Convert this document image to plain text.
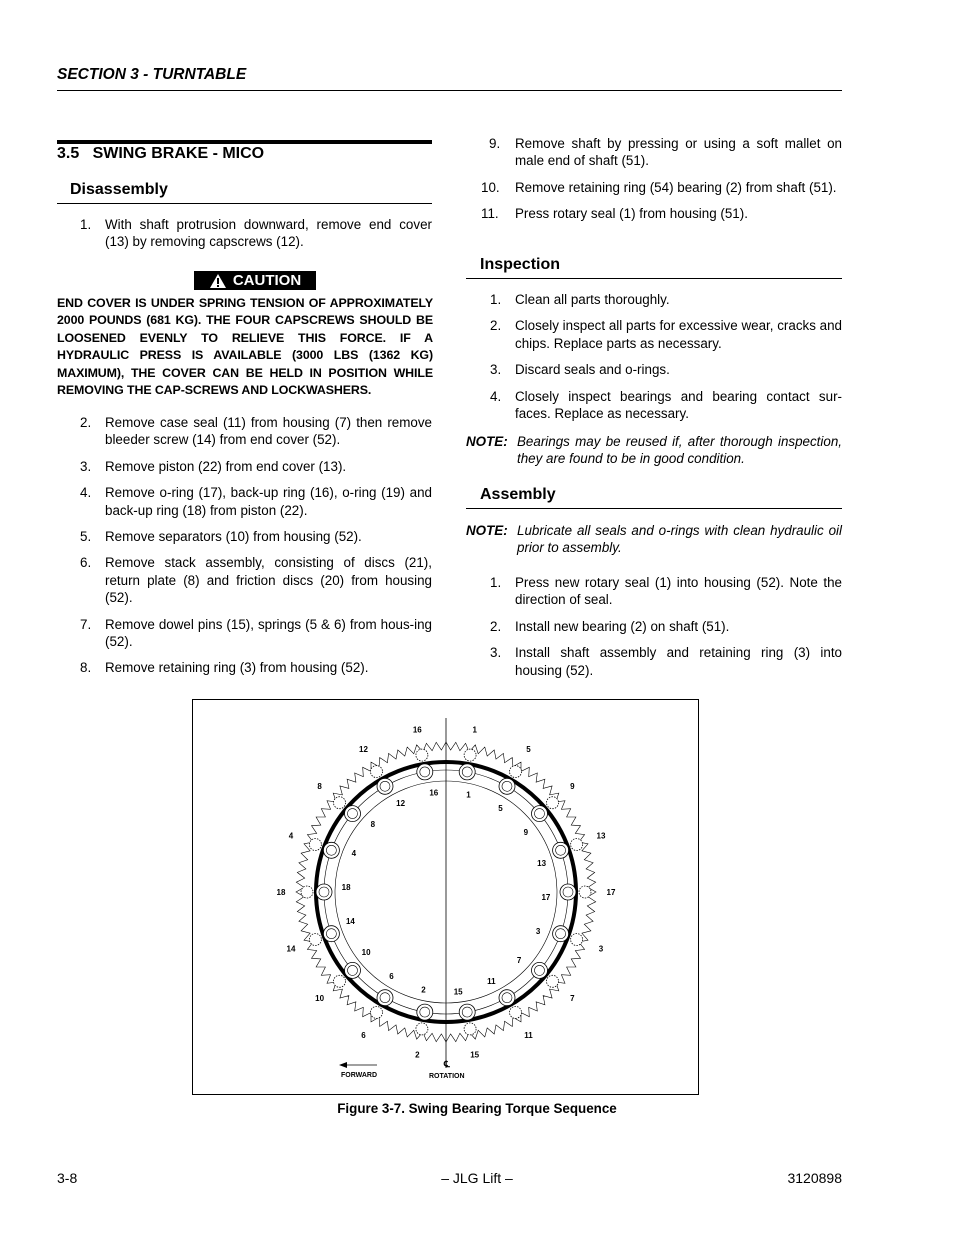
SECTION 3 - TURNTABLE
3.5   SWING BRAKE - MICO
Disassembly
1.	With shaft protrusion downward, remove end cover (13) by removing capscrews (12).
CAUTION
END COVER IS UNDER SPRING TENSION OF APPROXIMATELY 2000 POUNDS (681 KG). THE FOUR CAPSCREWS SHOULD BE LOOSENED EVENLY TO RELIEVE THIS FORCE. IF A HYDRAULIC PRESS IS AVAILABLE (3000 LBS (1362 KG) MAXIMUM), THE COVER CAN BE HELD IN POSITION WHILE REMOVING THE CAP-SCREWS AND LOCKWASHERS.
2.	Remove case seal (11) from housing (7) then remove bleeder screw (14) from end cover (52).
3.	Remove piston (22) from end cover (13).
4.	Remove o-ring (17), back-up ring (16), o-ring (19) and back-up ring (18) from piston (22).
5.	Remove separators (10) from housing (52).
6.	Remove stack assembly, consisting of discs (21), return plate (8) and friction discs (20) from housing (52).
7.	Remove dowel pins (15), springs (5 & 6) from hous-ing (52).
8.	Remove retaining ring (3) from housing (52).
9.	Remove shaft by pressing or using a soft mallet on male end of shaft (51).
10.	Remove retaining ring (54) bearing (2) from shaft (51).
11.	Press rotary seal (1) from housing (51).
Inspection
1.	Clean all parts thoroughly.
2.	Closely inspect all parts for excessive wear, cracks and chips. Replace parts as necessary.
3.	Discard seals and o-rings.
4.	Closely inspect bearings and bearing contact sur-faces. Replace as necessary.
NOTE: Bearings may be reused if, after thorough inspection, they are found to be in good condition.
Assembly
NOTE: Lubricate all seals and o-rings with clean hydraulic oil prior to assembly.
1.	Press new rotary seal (1) into housing (52). Note the direction of seal.
2.	Install new bearing (2) on shaft (51).
3.	Install shaft assembly and retaining ring (3) into housing (52).
1
5
9
13
17
3
7
11
15
2
6
10
14
18
4
8
12
16
1
5
9
13
17
3
7
11
15
2
6
10
14
18
4
8
12
16
FORWARD
℄
ROTATION
Figure 3-7. Swing Bearing Torque Sequence
3-8	– JLG Lift –	3120898
